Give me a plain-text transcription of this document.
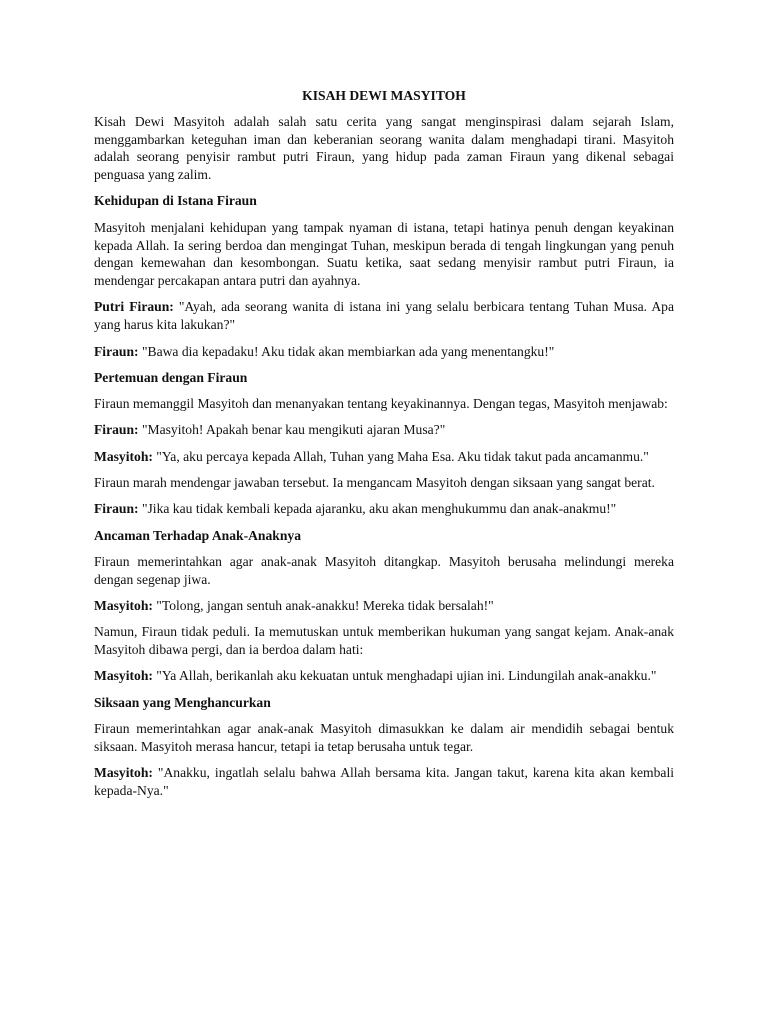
KISAH DEWI MASYITOH

Kisah Dewi Masyitoh adalah salah satu cerita yang sangat menginspirasi dalam sejarah Islam, menggambarkan keteguhan iman dan keberanian seorang wanita dalam menghadapi tirani. Masyitoh adalah seorang penyisir rambut putri Firaun, yang hidup pada zaman Firaun yang dikenal sebagai penguasa yang zalim.

Kehidupan di Istana Firaun

Masyitoh menjalani kehidupan yang tampak nyaman di istana, tetapi hatinya penuh dengan keyakinan kepada Allah. Ia sering berdoa dan mengingat Tuhan, meskipun berada di tengah lingkungan yang penuh dengan kemewahan dan kesombongan. Suatu ketika, saat sedang menyisir rambut putri Firaun, ia mendengar percakapan antara putri dan ayahnya.

Putri Firaun: "Ayah, ada seorang wanita di istana ini yang selalu berbicara tentang Tuhan Musa. Apa yang harus kita lakukan?"

Firaun: "Bawa dia kepadaku! Aku tidak akan membiarkan ada yang menentangku!"

Pertemuan dengan Firaun

Firaun memanggil Masyitoh dan menanyakan tentang keyakinannya. Dengan tegas, Masyitoh menjawab:

Firaun: "Masyitoh! Apakah benar kau mengikuti ajaran Musa?"

Masyitoh: "Ya, aku percaya kepada Allah, Tuhan yang Maha Esa. Aku tidak takut pada ancamanmu."

Firaun marah mendengar jawaban tersebut. Ia mengancam Masyitoh dengan siksaan yang sangat berat.

Firaun: "Jika kau tidak kembali kepada ajaranku, aku akan menghukummu dan anak-anakmu!"

Ancaman Terhadap Anak-Anaknya

Firaun memerintahkan agar anak-anak Masyitoh ditangkap. Masyitoh berusaha melindungi mereka dengan segenap jiwa.

Masyitoh: "Tolong, jangan sentuh anak-anakku! Mereka tidak bersalah!"

Namun, Firaun tidak peduli. Ia memutuskan untuk memberikan hukuman yang sangat kejam. Anak-anak Masyitoh dibawa pergi, dan ia berdoa dalam hati:

Masyitoh: "Ya Allah, berikanlah aku kekuatan untuk menghadapi ujian ini. Lindungilah anak-anakku."

Siksaan yang Menghancurkan

Firaun memerintahkan agar anak-anak Masyitoh dimasukkan ke dalam air mendidih sebagai bentuk siksaan. Masyitoh merasa hancur, tetapi ia tetap berusaha untuk tegar.

Masyitoh: "Anakku, ingatlah selalu bahwa Allah bersama kita. Jangan takut, karena kita akan kembali kepada-Nya."
